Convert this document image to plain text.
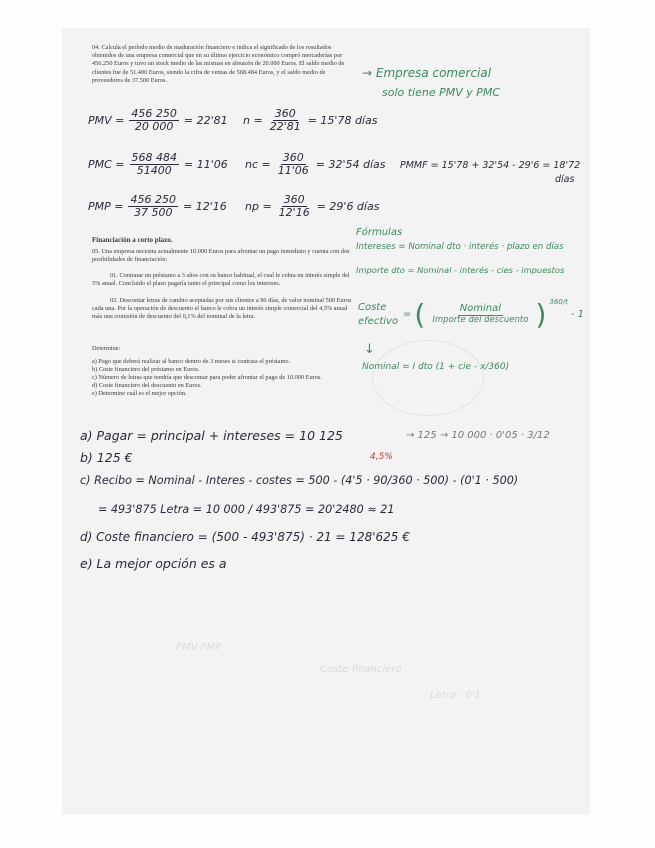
04. Calcula el período medio de maduración financiero e indica el significado de los resultados obtenidos de una empresa comercial que en su último ejercicio económico compró mercaderías por 456.250 Euros y tuvo un stock medio de las mismas en almacén de 20.000 Euros. El saldo medio de clientes fue de 51.400 Euros, siendo la cifra de ventas de 568.484 Euros, y el saldo medio de proveedores de 37.500 Euros.

Financiación a corto plazo.

05. Una empresa necesita actualmente 10.000 Euros para afrontar un pago inmediato y cuenta con dos posibilidades de financiación:

01. Contratar un préstamo a 3 años con su banco habitual, el cual le cobra un interés simple del 5% anual. Concluido el plazo pagaría tanto el principal como los intereses.

02. Descontar letras de cambio aceptadas por sus clientes a 90 días, de valor nominal 500 Euros cada una. Por la operación de descuento el banco le cobra un interés simple comercial del 4,5% anual más una comisión de descuento del 0,1% del nominal de la letra.

Determine:

a) Pago que deberá realizar al banco dentro de 3 meses si contrata el préstamo.

b) Coste financiero del préstamo en Euros.

c) Número de letras que tendría que descontar para poder afrontar el pago de 10.000 Euros.

d) Coste financiero del descuento en Euros.

e) Determine cuál es el mejor opción.

→ Empresa comercial
solo tiene PMV y PMC
PMV = $\frac{456 250}{20 000} = 22'81$ $n = \frac{360}{22'81} = 15'78$ días
PMC = $\frac{568 484}{51400} = 11'06$ nc = $\frac{360}{11'06} = 32'54$ días PMMF = 15'78 + 32'54 - 29'6 = 18'72
días
PMP = $\frac{456 250}{37 500} = 12'16$ np = $\frac{360}{12'16} = 29'6$ días
Fórmulas
Intereses = Nominal dto · interés · plazo en días
Importe dto = Nominal - interés - cies - impuestos
Coste efectivo
= ( $\frac{\text{Nominal}}{\text{Importe del descuento}}$ ) $^{360/t}$
- 1
↓
Nominal = I dto (1 + cie - x/360)
a) Pagar = principal + intereses = 10 125	→ 125 → 10 000 · 0'05 · 3/12
b) 125 €	4,5%
c) Recibo = Nominal - Interes - costes = 500 - (4'5 · 90/360 · 500) - (0'1 · 500)
= 493'875 Letra = 10 000 / 493'875 = 20'2480 ≈ 21
d) Coste financiero = (500 - 493'875) · 21 = 128'625 €
e) La mejor opción es a
PMV PMP
Coste financiero
Letra · 0'1
